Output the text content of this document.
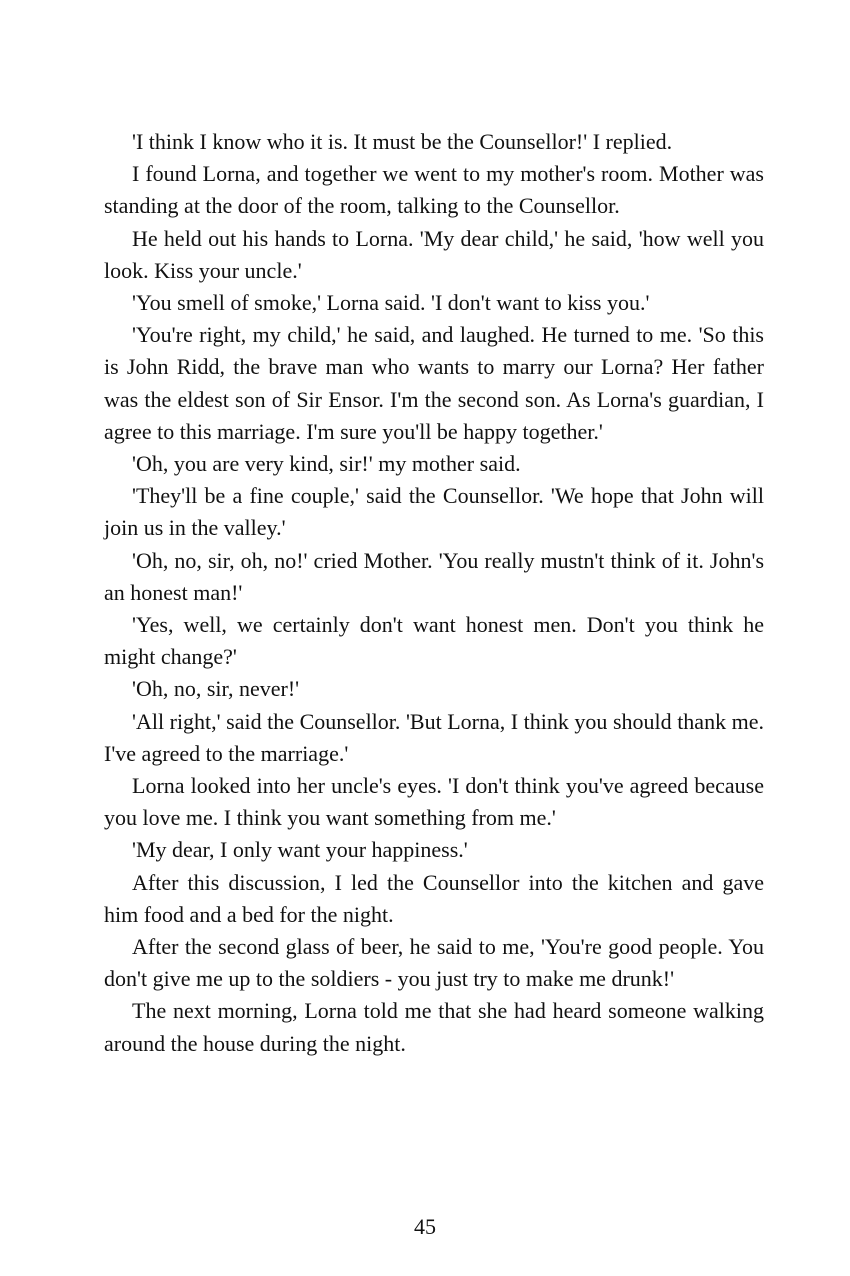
'I think I know who it is. It must be the Counsellor!' I replied.

I found Lorna, and together we went to my mother's room. Mother was standing at the door of the room, talking to the Counsellor.

He held out his hands to Lorna. 'My dear child,' he said, 'how well you look. Kiss your uncle.'

'You smell of smoke,' Lorna said. 'I don't want to kiss you.'

'You're right, my child,' he said, and laughed. He turned to me. 'So this is John Ridd, the brave man who wants to marry our Lorna? Her father was the eldest son of Sir Ensor. I'm the second son. As Lorna's guardian, I agree to this marriage. I'm sure you'll be happy together.'

'Oh, you are very kind, sir!' my mother said.

'They'll be a fine couple,' said the Counsellor. 'We hope that John will join us in the valley.'

'Oh, no, sir, oh, no!' cried Mother. 'You really mustn't think of it. John's an honest man!'

'Yes, well, we certainly don't want honest men. Don't you think he might change?'

'Oh, no, sir, never!'

'All right,' said the Counsellor. 'But Lorna, I think you should thank me. I've agreed to the marriage.'

Lorna looked into her uncle's eyes. 'I don't think you've agreed because you love me. I think you want something from me.'

'My dear, I only want your happiness.'

After this discussion, I led the Counsellor into the kitchen and gave him food and a bed for the night.

After the second glass of beer, he said to me, 'You're good people. You don't give me up to the soldiers - you just try to make me drunk!'

The next morning, Lorna told me that she had heard someone walking around the house during the night.

45
